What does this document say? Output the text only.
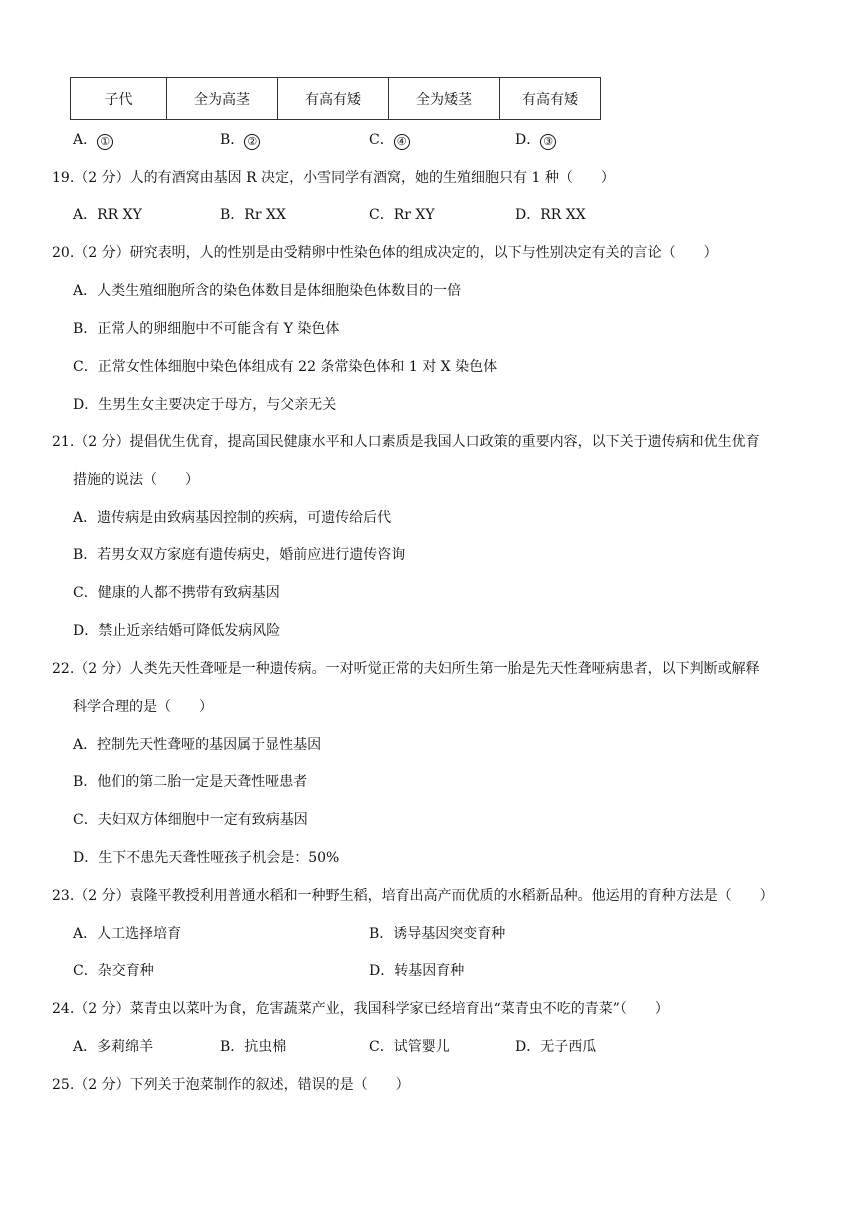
子代	全为高茎	有高有矮	全为矮茎	有高有矮
A． ①	B． ②	C． ④	D． ③
19.（2 分）人的有酒窝由基因 R 决定，小雪同学有酒窝，她的生殖细胞只有 1 种（　　）
A．RR XY	B．Rr XX	C．Rr XY	D．RR XX
20.（2 分）研究表明，人的性别是由受精卵中性染色体的组成决定的，以下与性别决定有关的言论（　　）
A．人类生殖细胞所含的染色体数目是体细胞染色体数目的一倍
B．正常人的卵细胞中不可能含有 Y 染色体
C．正常女性体细胞中染色体组成有 22 条常染色体和 1 对 X 染色体
D．生男生女主要决定于母方，与父亲无关
21.（2 分）提倡优生优育，提高国民健康水平和人口素质是我国人口政策的重要内容，以下关于遗传病和优生优育
措施的说法（　　）
A．遗传病是由致病基因控制的疾病，可遗传给后代
B．若男女双方家庭有遗传病史，婚前应进行遗传咨询
C．健康的人都不携带有致病基因
D．禁止近亲结婚可降低发病风险
22.（2 分）人类先天性聋哑是一种遗传病。一对听觉正常的夫妇所生第一胎是先天性聋哑病患者，以下判断或解释
科学合理的是（　　）
A．控制先天性聋哑的基因属于显性基因
B．他们的第二胎一定是天聋性哑患者
C．夫妇双方体细胞中一定有致病基因
D．生下不患先天聋性哑孩子机会是：50%
23.（2 分）袁隆平教授利用普通水稻和一种野生稻，培育出高产而优质的水稻新品种。他运用的育种方法是（　　）
A．人工选择培育	B．诱导基因突变育种
C．杂交育种	D．转基因育种
24.（2 分）菜青虫以菜叶为食，危害蔬菜产业，我国科学家已经培育出“菜青虫不吃的青菜”（　　）
A．多莉绵羊	B．抗虫棉	C．试管婴儿	D．无子西瓜
25.（2 分）下列关于泡菜制作的叙述，错误的是（　　）
